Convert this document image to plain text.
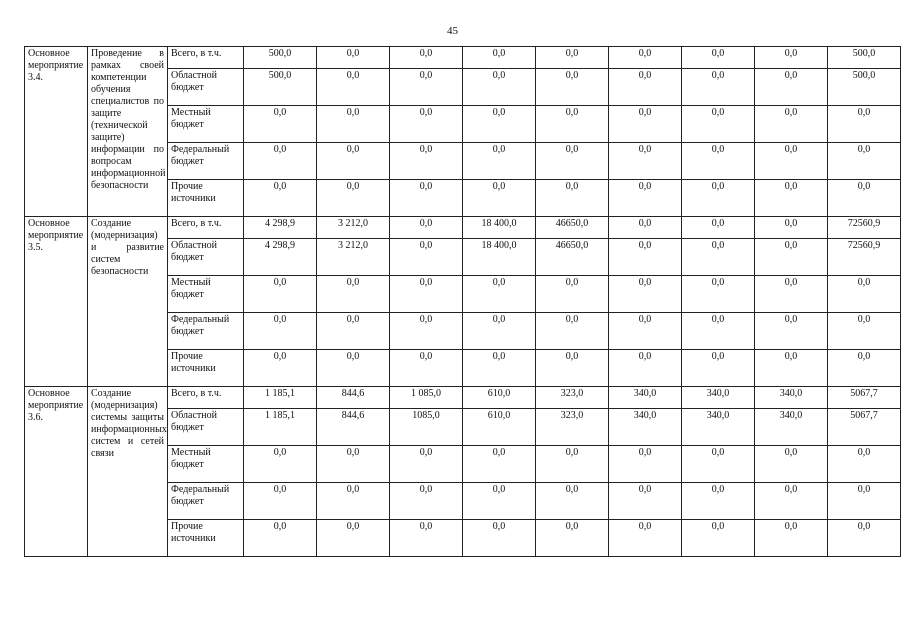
45
Основное мероприятие 3.4.	Проведение в рамках своей компетенции обучения специалистов по защите (технической защите) информации по вопросам информационной безопасности	Всего, в т.ч.	500,0	0,0	0,0	0,0	0,0	0,0	0,0	0,0	500,0
		Областной бюджет	500,0	0,0	0,0	0,0	0,0	0,0	0,0	0,0	500,0
		Местный бюджет	0,0	0,0	0,0	0,0	0,0	0,0	0,0	0,0	0,0
		Федеральный бюджет	0,0	0,0	0,0	0,0	0,0	0,0	0,0	0,0	0,0
		Прочие источники	0,0	0,0	0,0	0,0	0,0	0,0	0,0	0,0	0,0
Основное мероприятие 3.5.	Создание (модернизация) и развитие систем безопасности	Всего, в т.ч.	4 298,9	3 212,0	0,0	18 400,0	46650,0	0,0	0,0	0,0	72560,9
		Областной бюджет	4 298,9	3 212,0	0,0	18 400,0	46650,0	0,0	0,0	0,0	72560,9
		Местный бюджет	0,0	0,0	0,0	0,0	0,0	0,0	0,0	0,0	0,0
		Федеральный бюджет	0,0	0,0	0,0	0,0	0,0	0,0	0,0	0,0	0,0
		Прочие источники	0,0	0,0	0,0	0,0	0,0	0,0	0,0	0,0	0,0
Основное мероприятие 3.6.	Создание (модернизация) системы защиты информационных систем и сетей связи	Всего, в т.ч.	1 185,1	844,6	1 085,0	610,0	323,0	340,0	340,0	340,0	5067,7
		Областной бюджет	1 185,1	844,6	1085,0	610,0	323,0	340,0	340,0	340,0	5067,7
		Местный бюджет	0,0	0,0	0,0	0,0	0,0	0,0	0,0	0,0	0,0
		Федеральный бюджет	0,0	0,0	0,0	0,0	0,0	0,0	0,0	0,0	0,0
		Прочие источники	0,0	0,0	0,0	0,0	0,0	0,0	0,0	0,0	0,0
